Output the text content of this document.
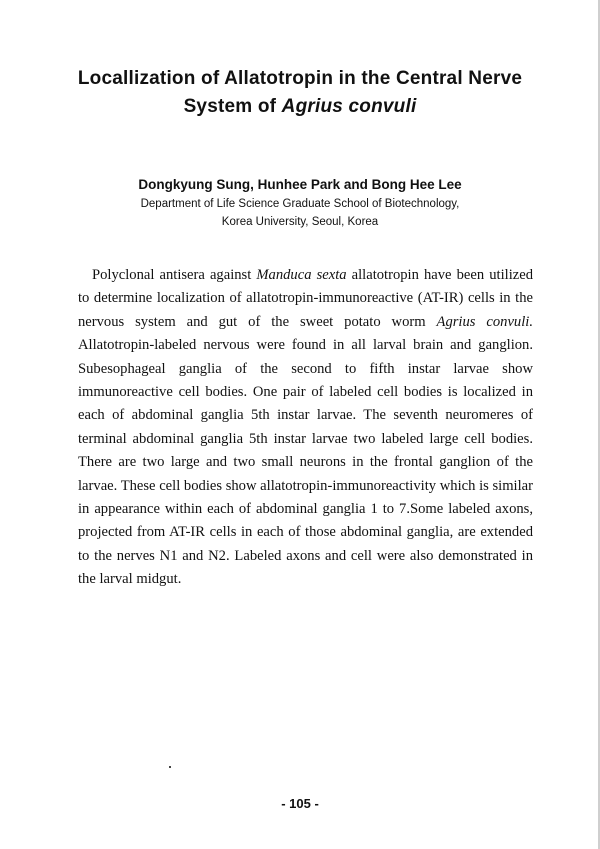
Locallization of Allatotropin in the Central Nerve
System of Agrius convuli
Dongkyung Sung, Hunhee Park and Bong Hee Lee
Department of Life Science Graduate School of Biotechnology,
Korea University, Seoul, Korea

Polyclonal antisera against Manduca sexta allatotropin have been utilized to determine localization of allatotropin-immunoreactive (AT-IR) cells in the nervous system and gut of the sweet potato worm Agrius convuli. Allatotropin-labeled nervous were found in all larval brain and ganglion. Subesophageal ganglia of the second to fifth instar larvae show immunoreactive cell bodies. One pair of labeled cell bodies is localized in each of abdominal ganglia 5th instar larvae. The seventh neuromeres of terminal abdominal ganglia 5th instar larvae two labeled large cell bodies. There are two large and two small neurons in the frontal ganglion of the larvae. These cell bodies show allatotropin-immunoreactivity which is similar in appearance within each of abdominal ganglia 1 to 7.Some labeled axons, projected from AT-IR cells in each of those abdominal ganglia, are extended to the nerves N1 and N2. Labeled axons and cell were also demonstrated in the larval midgut.

- 105 -
